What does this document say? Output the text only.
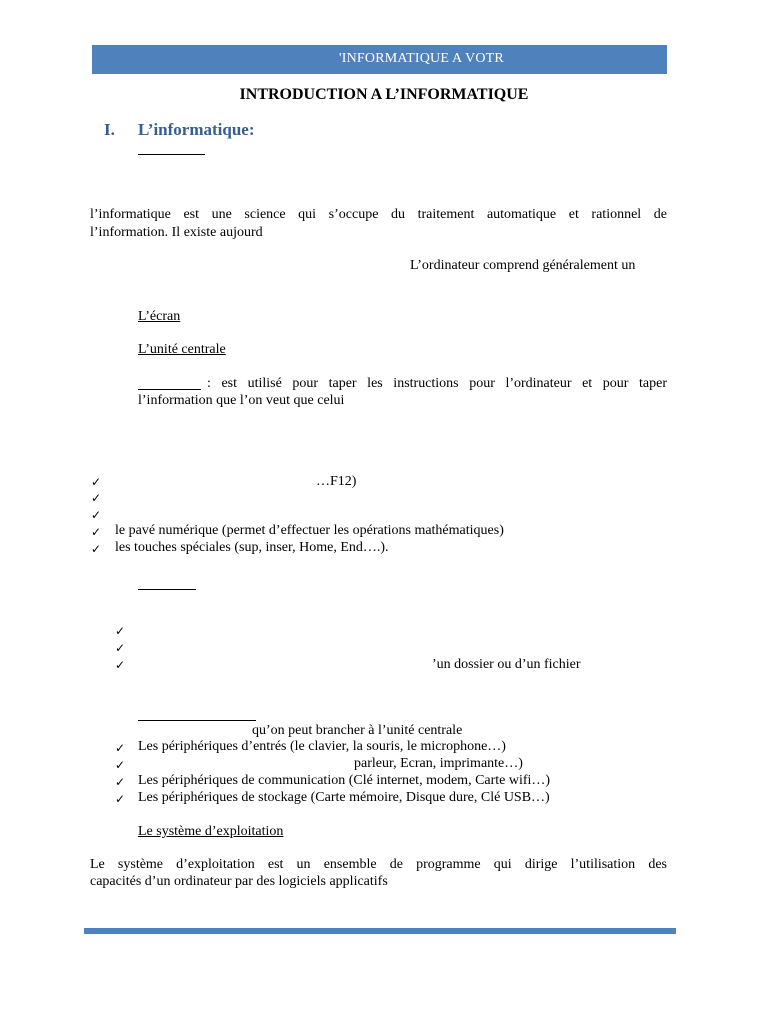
'INFORMATIQUE A VOTR
INTRODUCTION A L’INFORMATIQUE
I. L’informatique:
l’informatique est une science qui s’occupe du traitement automatique et rationnel de
l’information. Il existe aujourd
L’ordinateur comprend généralement un
L’écran
L’unité centrale
: est utilisé pour taper les instructions pour l’ordinateur et pour taper
l’information que l’on veut que celui
✓	…F12)
✓
✓
✓ le pavé numérique (permet d’effectuer les opérations mathématiques)
✓ les touches spéciales (sup, inser, Home, End….).
✓
✓
✓	’un dossier ou d’un fichier
qu’on peut brancher à l’unité centrale
✓ Les périphériques d’entrés (le clavier, la souris, le microphone…)
✓	parleur, Ecran, imprimante…)
✓ Les périphériques de communication (Clé internet, modem, Carte wifi…)
✓ Les périphériques de stockage (Carte mémoire, Disque dure, Clé USB…)
Le système d’exploitation
Le système d’exploitation est un ensemble de programme qui dirige l’utilisation des
capacités d’un ordinateur par des logiciels applicatifs
